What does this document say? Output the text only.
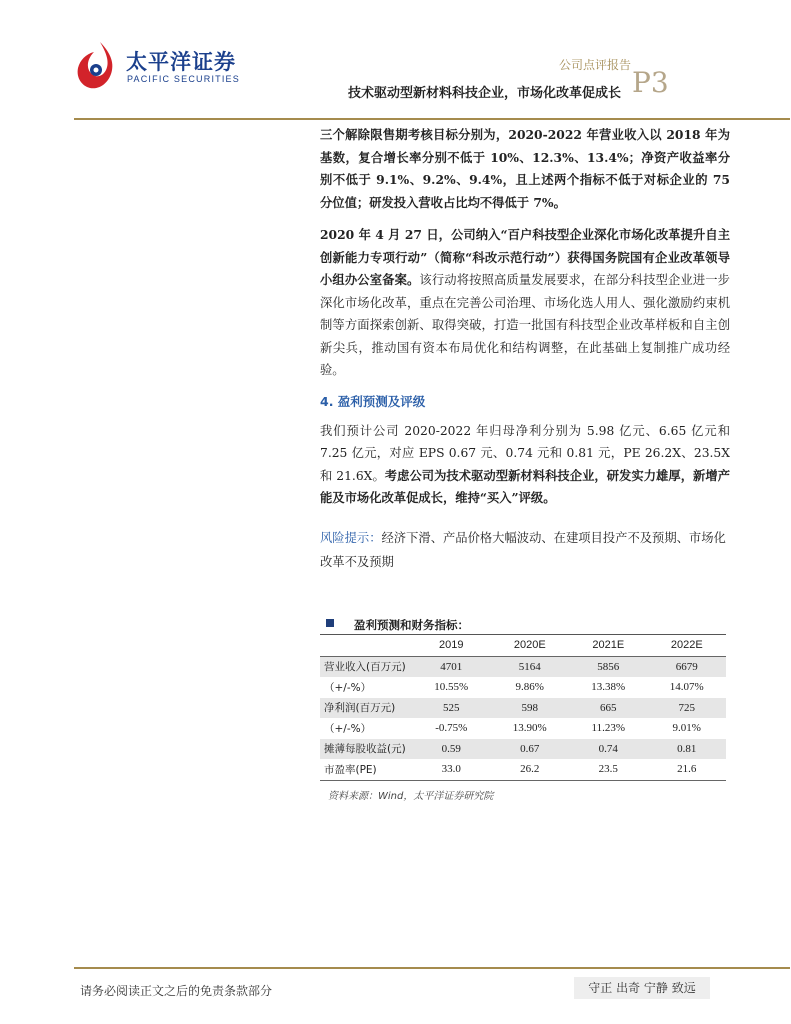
太平洋证券
PACIFIC SECURITIES
公司点评报告
技术驱动型新材料科技企业，市场化改革促成长 P3

三个解除限售期考核目标分别为，2020-2022 年营业收入以 2018 年为基数，复合增长率分别不低于 10%、12.3%、13.4%；净资产收益率分别不低于 9.1%、9.2%、9.4%，且上述两个指标不低于对标企业的 75 分位值；研发投入营收占比均不得低于 7%。

2020 年 4 月 27 日，公司纳入“百户科技型企业深化市场化改革提升自主创新能力专项行动”（简称“科改示范行动”）获得国务院国有企业改革领导小组办公室备案。该行动将按照高质量发展要求，在部分科技型企业进一步深化市场化改革，重点在完善公司治理、市场化选人用人、强化激励约束机制等方面探索创新、取得突破，打造一批国有科技型企业改革样板和自主创新尖兵，推动国有资本布局优化和结构调整，在此基础上复制推广成功经验。

4. 盈利预测及评级

我们预计公司 2020-2022 年归母净利分别为 5.98 亿元、6.65 亿元和 7.25 亿元，对应 EPS 0.67 元、0.74 元和 0.81 元，PE 26.2X、23.5X 和 21.6X。考虑公司为技术驱动型新材料科技企业，研发实力雄厚，新增产能及市场化改革促成长，维持“买入”评级。

风险提示：经济下滑、产品价格大幅波动、在建项目投产不及预期、市场化改革不及预期
盈利预测和财务指标：
	2019	2020E	2021E	2022E
营业收入(百万元)	4701	5164	5856	6679
（+/-%）	10.55%	9.86%	13.38%	14.07%
净利润(百万元)	525	598	665	725
（+/-%）	-0.75%	13.90%	11.23%	9.01%
摊薄每股收益(元)	0.59	0.67	0.74	0.81
市盈率(PE)	33.0	26.2	23.5	21.6
资料来源：Wind，太平洋证券研究院
请务必阅读正文之后的免责条款部分	守正 出奇 宁静 致远
